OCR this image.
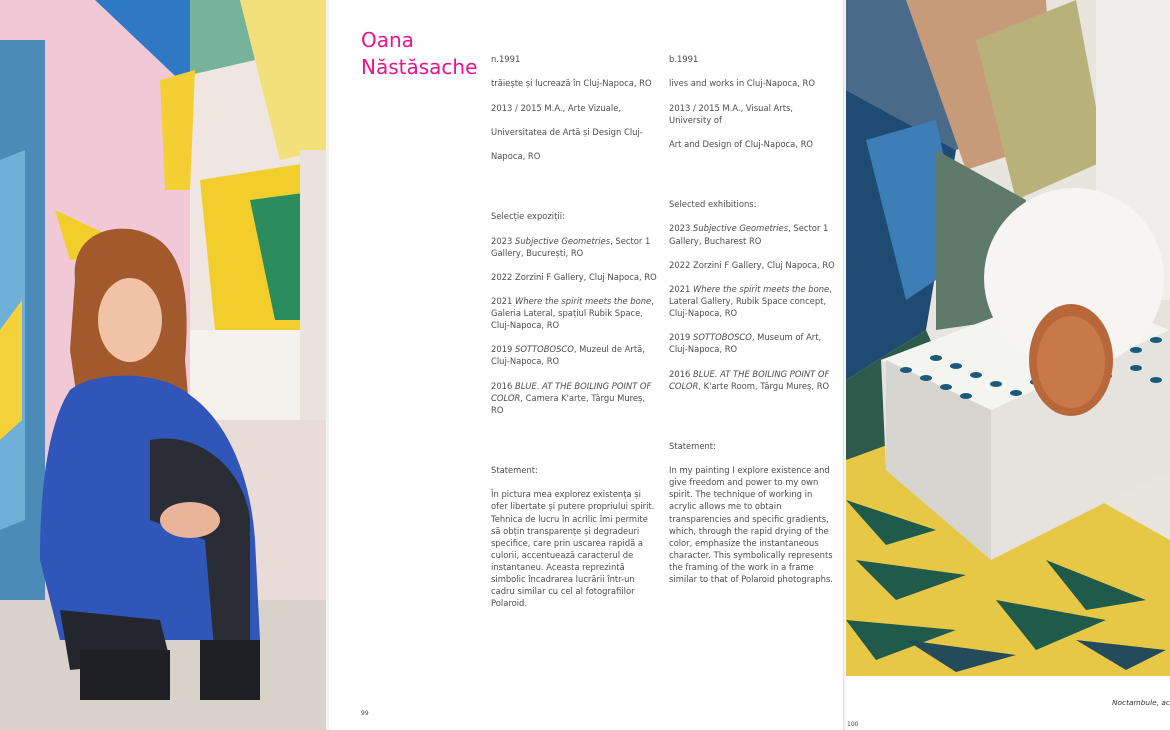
Oana
Năstăsache	n.1991

trăiește și lucrează în Cluj-Napoca, RO

2013 / 2015 M.A., Arte Vizuale,

Universitatea de Artă și Design Cluj-

Napoca, RO

Selecție expoziții:

2023 Subjective Geometries, Sector 1 Gallery, București, RO

2022 Zorzini F Gallery, Cluj Napoca, RO

2021 Where the spirit meets the bone, Galeria Lateral, spațiul Rubik Space, Cluj-Napoca, RO

2019 SOTTOBOSCO, Muzeul de Artă, Cluj-Napoca, RO

2016 BLUE. AT THE BOILING POINT OF COLOR, Camera K'arte, Târgu Mureș, RO

Statement:

În pictura mea explorez existența și ofer libertate și putere propriului spirit. Tehnica de lucru în acrilic îmi permite să obțin transparențe și degradeuri specifice, care prin uscarea rapidă a culorii, accentuează caracterul de instantaneu. Aceasta reprezintă simbolic încadrarea lucrării într-un cadru similar cu cel al fotografiilor Polaroid.

b.1991

lives and works in Cluj-Napoca, RO

2013 / 2015 M.A., Visual Arts, University of

Art and Design of Cluj-Napoca, RO

Selected exhibitions:

2023 Subjective Geometries, Sector 1 Gallery, Bucharest RO

2022 Zorzini F Gallery, Cluj Napoca, RO

2021 Where the spirit meets the bone, Lateral Gallery, Rubik Space concept, Cluj-Napoca, RO

2019 SOTTOBOSCO, Museum of Art, Cluj-Napoca, RO

2016 BLUE. AT THE BOILING POINT OF COLOR, K'arte Room, Târgu Mureș, RO

Statement:

In my painting I explore existence and give freedom and power to my own spirit. The technique of working in acrylic allows me to obtain transparencies and specific gradients, which, through the rapid drying of the color, emphasize the instantaneous character. This symbolically represents the framing of the work in a frame similar to that of Polaroid photographs.

99
100
Noctambule, ac
